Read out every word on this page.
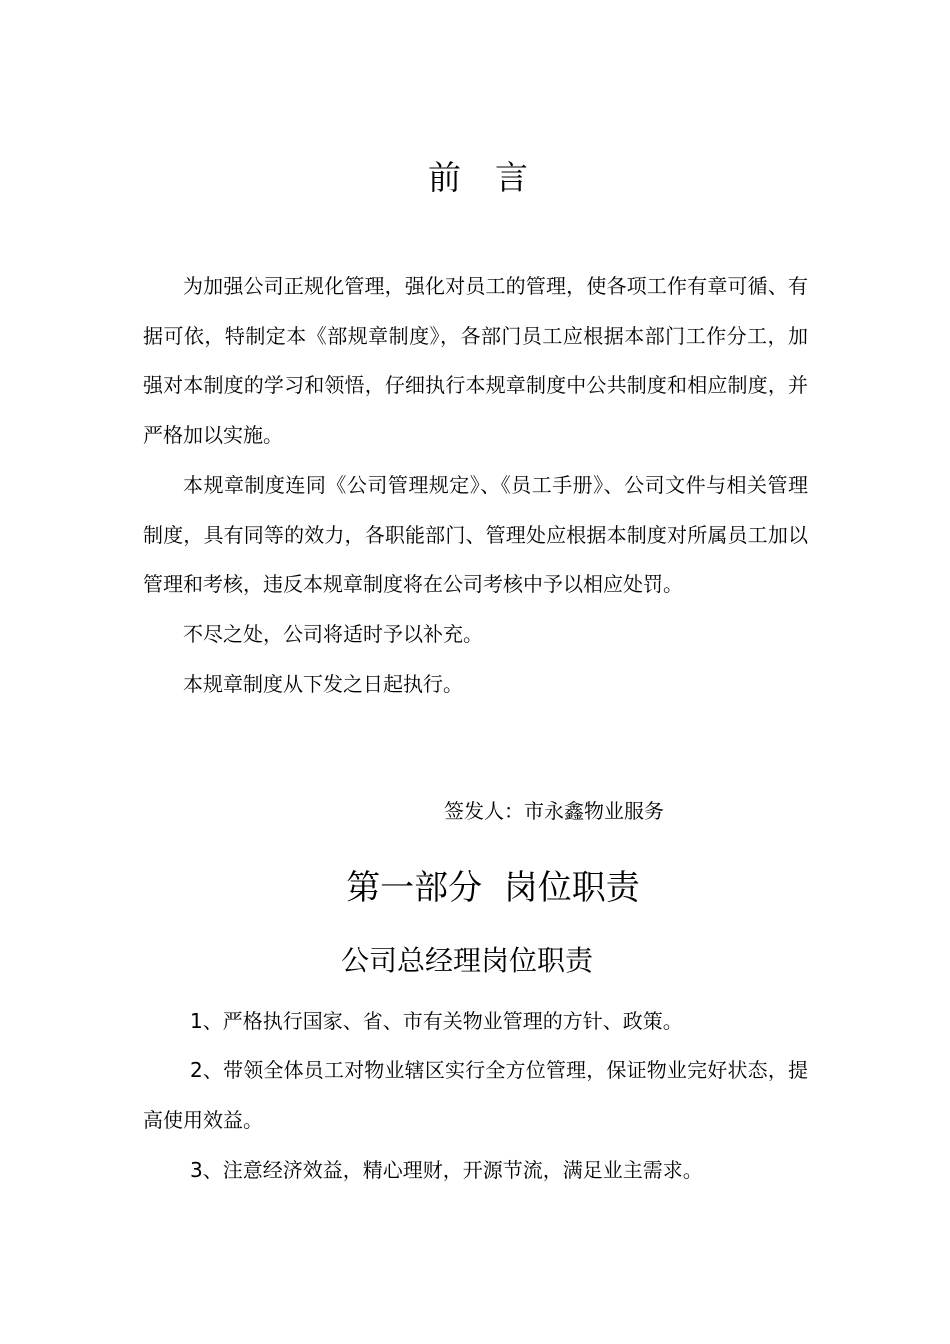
前言

为加强公司正规化管理，强化对员工的管理，使各项工作有章可循、有据可依，特制定本《部规章制度》，各部门员工应根据本部门工作分工，加强对本制度的学习和领悟，仔细执行本规章制度中公共制度和相应制度，并严格加以实施。

本规章制度连同《公司管理规定》、《员工手册》、公司文件与相关管理制度，具有同等的效力，各职能部门、管理处应根据本制度对所属员工加以管理和考核，违反本规章制度将在公司考核中予以相应处罚。

不尽之处，公司将适时予以补充。

本规章制度从下发之日起执行。

签发人：市永鑫物业服务

第一部分  岗位职责
公司总经理岗位职责

1、严格执行国家、省、市有关物业管理的方针、政策。

2、带领全体员工对物业辖区实行全方位管理，保证物业完好状态，提高使用效益。

3、注意经济效益，精心理财，开源节流，满足业主需求。
